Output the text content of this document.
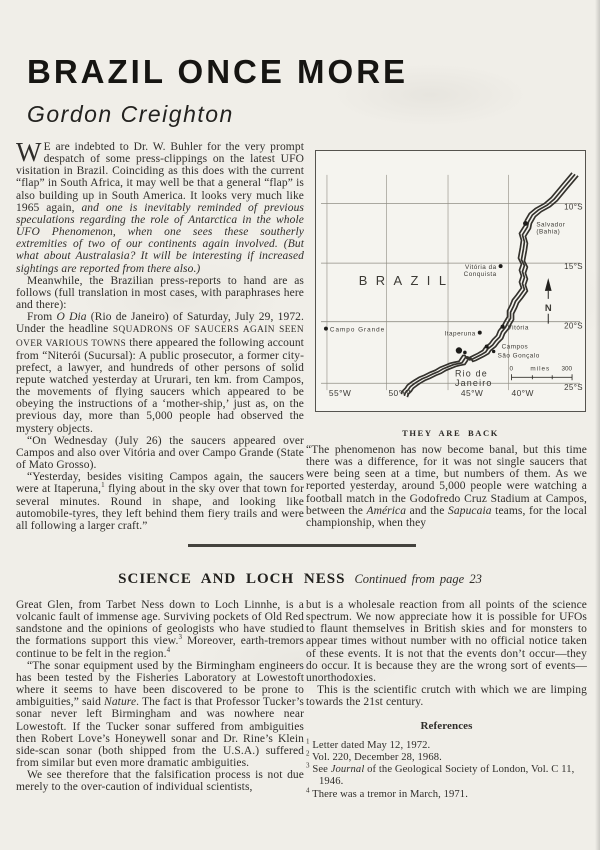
BRAZIL ONCE MORE
Gordon Creighton

W E are indebted to Dr. W. Buhler for the very prompt despatch of some press-clippings on the latest UFO visitation in Brazil. Coinciding as this does with the current “flap” in South Africa, it may well be that a general “flap” is also building up in South America. It looks very much like 1965 again, and one is inevitably reminded of previous speculations regarding the role of Antarctica in the whole UFO Phenomenon, when one sees these southerly extremities of two of our continents again involved. (But what about Australasia? It will be interesting if increased sightings are reported from there also.)

Meanwhile, the Brazilian press-reports to hand are as follows (full translation in most cases, with paraphrases here and there):

From O Dia (Rio de Janeiro) of Saturday, July 29, 1972. Under the headline SQUADRONS OF SAUCERS AGAIN SEEN OVER VARIOUS TOWNS there appeared the following account from “Niterói (Sucursal): A public prosecutor, a former city-prefect, a lawyer, and hundreds of other persons of solid repute watched yesterday at Ururari, ten km. from Campos, the movements of flying saucers which appeared to be obeying the instructions of a ‘mother-ship,’ just as, on the previous day, more than 5,000 people had observed the mystery objects.

“On Wednesday (July 26) the saucers appeared over Campos and also over Vitória and over Campo Grande (State of Mato Grosso).

“Yesterday, besides visiting Campos again, the saucers were at Itaperuna,$^1$ flying about in the sky over that town for several minutes. Round in shape, and looking like automobile-tyres, they left behind them fiery trails and were all following a larger craft.”

BRAZIL
10°S
15°S
20°S
25°S
55°W	50°W	45°W	40°W
Salvador
(Bahia)
Vitória da
Conquista
Campo Grande	Vitória
Itaperuna
Campos
São Gonçalo
Rio de
Janeiro
N
0	miles 300
THEY ARE BACK

“The phenomenon has now become banal, but this time there was a difference, for it was not single saucers that were being seen at a time, but numbers of them. As we reported yesterday, around 5,000 people were watching a football match in the Godofredo Cruz Stadium at Campos, between the América and the Sapucaia teams, for the local championship, when they

SCIENCE AND LOCH NESS Continued from page 23

Great Glen, from Tarbet Ness down to Loch Linnhe, is a volcanic fault of immense age. Surviving pockets of Old Red sandstone and the opinions of geologists who have studied the formations support this view.$^3$ Moreover, earth-tremors continue to be felt in the region.$^4$

“The sonar equipment used by the Birmingham engineers has been tested by the Fisheries Laboratory at Lowestoft where it seems to have been discovered to be prone to ambiguities,” said Nature. The fact is that Professor Tucker’s sonar never left Birmingham and was nowhere near Lowestoft. If the Tucker sonar suffered from ambiguities then Robert Love’s Honeywell sonar and Dr. Rine’s Klein side-scan sonar (both shipped from the U.S.A.) suffered from similar but even more dramatic ambiguities.

We see therefore that the falsification process is not due merely to the over-caution of individual scientists,

but is a wholesale reaction from all points of the science spectrum. We now appreciate how it is possible for UFOs to flaunt themselves in British skies and for monsters to appear times without number with no official notice taken of these events. It is not that the events don’t occur—they do occur. It is because they are the wrong sort of events—unorthodoxies.

This is the scientific crutch with which we are limping towards the 21st century.

References
$^1$ Letter dated May 12, 1972.
$^2$ Vol. 220, December 28, 1968.
$^3$ See Journal of the Geological Society of London, Vol. C 11, 1946.
$^4$ There was a tremor in March, 1971.
